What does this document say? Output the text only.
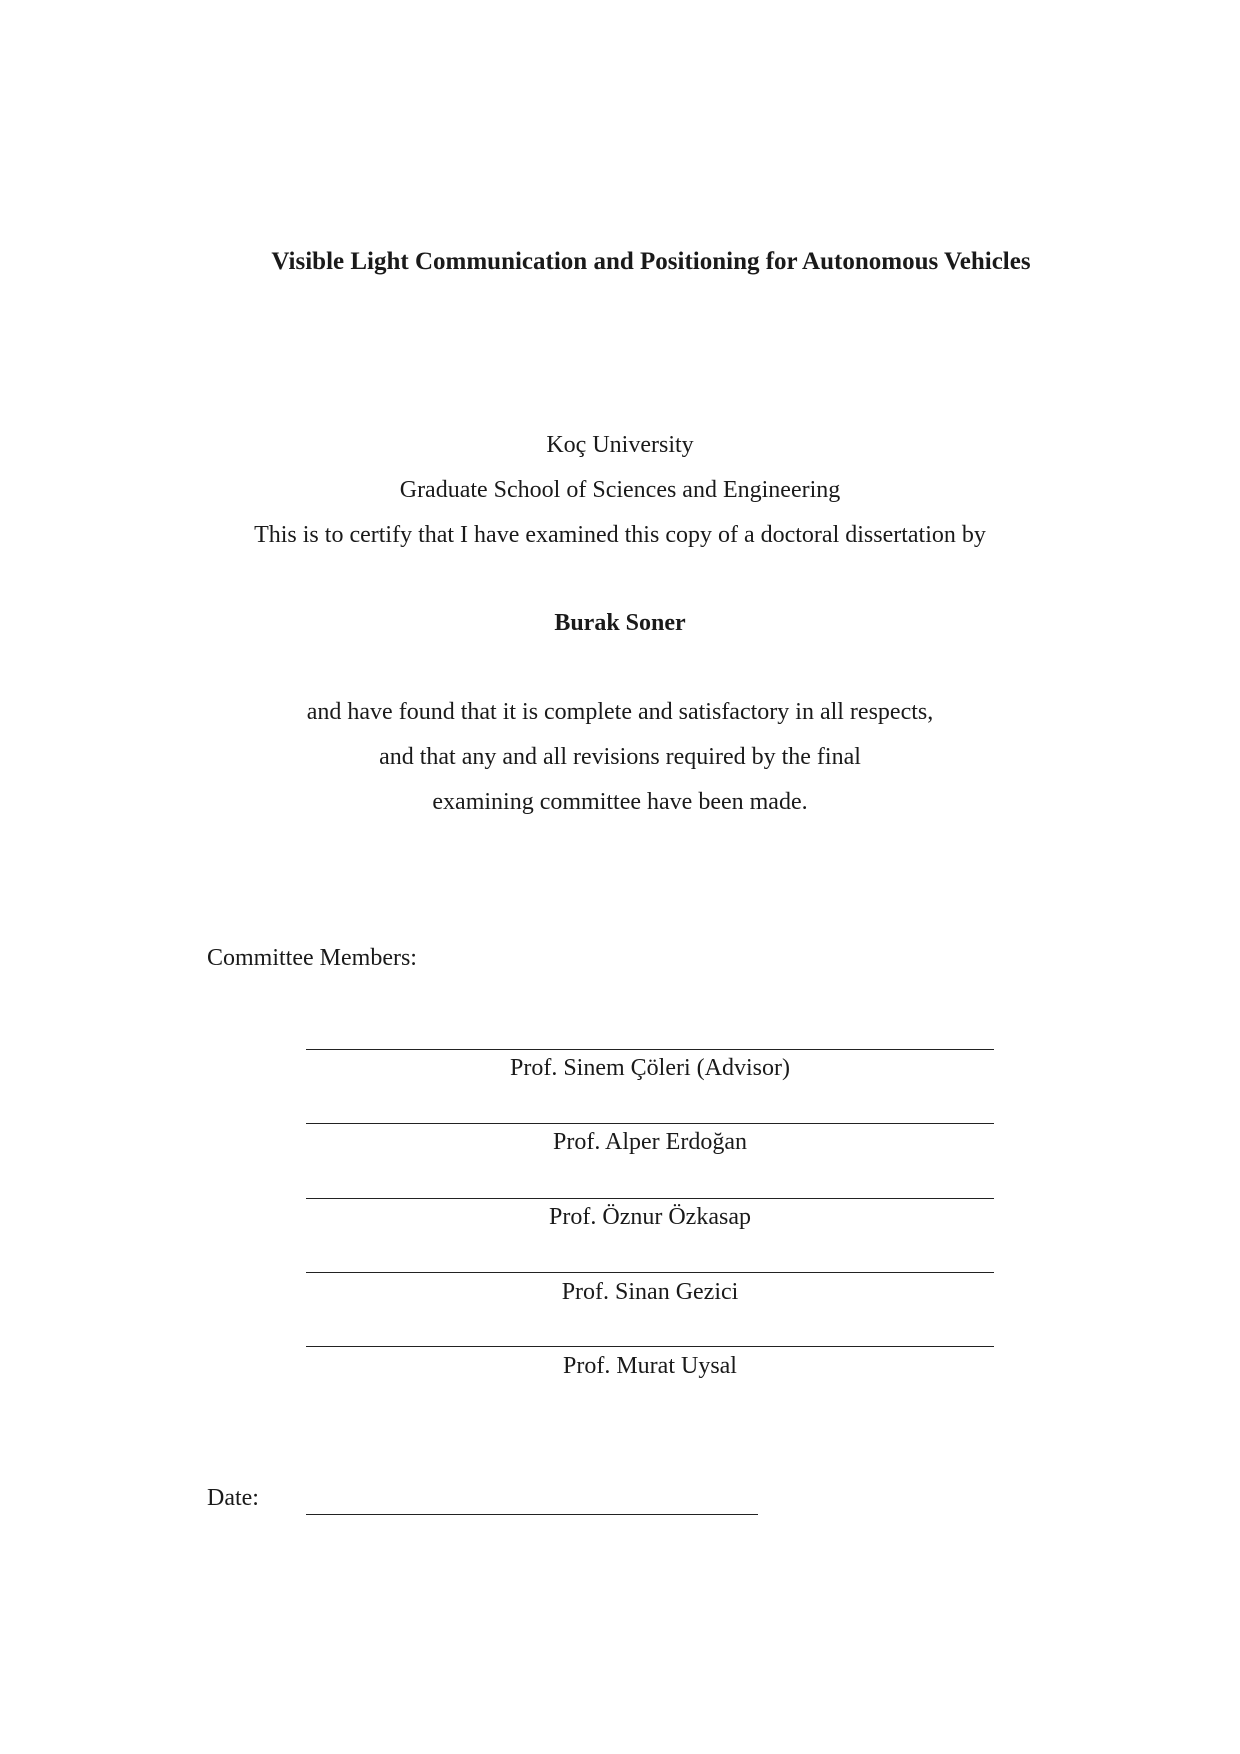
Visible Light Communication and Positioning for Autonomous Vehicles
Koç University
Graduate School of Sciences and Engineering
This is to certify that I have examined this copy of a doctoral dissertation by
Burak Soner
and have found that it is complete and satisfactory in all respects,
and that any and all revisions required by the final
examining committee have been made.
Committee Members:
Prof. Sinem Çöleri (Advisor)
Prof. Alper Erdoğan
Prof. Öznur Özkasap
Prof. Sinan Gezici
Prof. Murat Uysal
Date:
